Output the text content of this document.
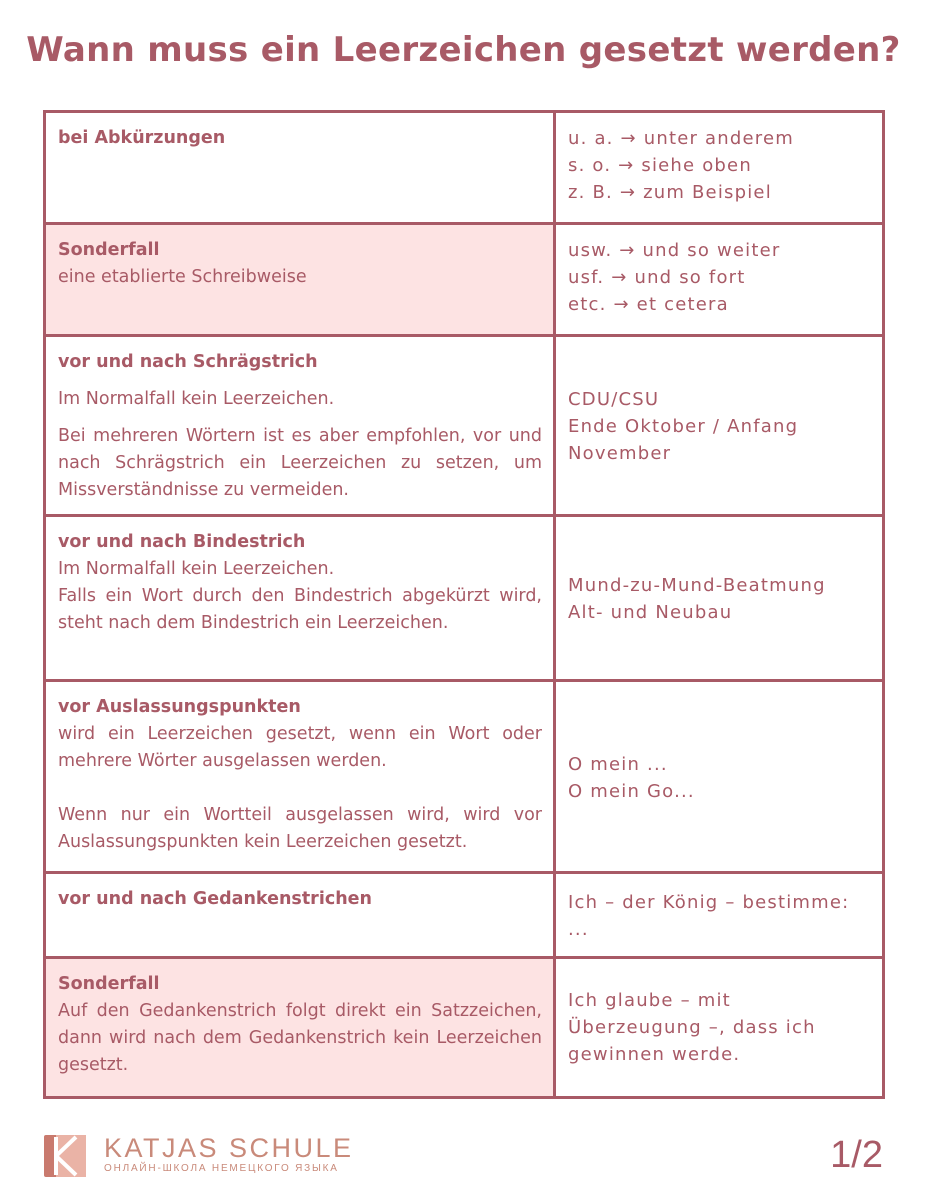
Wann muss ein Leerzeichen gesetzt werden?
bei Abkürzungen	u. a. → unter anderem
s. o. → siehe oben
z. B. → zum Beispiel

Sonderfall
eine etablierte Schreibweise	usw. → und so weiter
usf. → und so fort
etc. → et cetera

vor und nach Schrägstrich
Im Normalfall kein Leerzeichen.
Bei mehreren Wörtern ist es aber empfohlen, vor und nach Schrägstrich ein Leerzeichen zu setzen, um Missverständnisse zu vermeiden.	CDU/CSU
Ende Oktober / Anfang November

vor und nach Bindestrich
Im Normalfall kein Leerzeichen.
Falls ein Wort durch den Bindestrich abgekürzt wird, steht nach dem Bindestrich ein Leerzeichen.	Mund-zu-Mund-Beatmung
Alt- und Neubau

vor Auslassungspunkten
wird ein Leerzeichen gesetzt, wenn ein Wort oder mehrere Wörter ausgelassen werden.
Wenn nur ein Wortteil ausgelassen wird, wird vor Auslassungspunkten kein Leerzeichen gesetzt.	O mein ...
O mein Go...

vor und nach Gedankenstrichen	Ich – der König – bestimme: ...

Sonderfall
Auf den Gedankenstrich folgt direkt ein Satzzeichen, dann wird nach dem Gedankenstrich kein Leerzeichen gesetzt.	Ich glaube – mit Überzeugung –, dass ich gewinnen werde.
KATJAS SCHULE
ОНЛАЙН-ШКОЛА НЕМЕЦКОГО ЯЗЫКА	1/2
